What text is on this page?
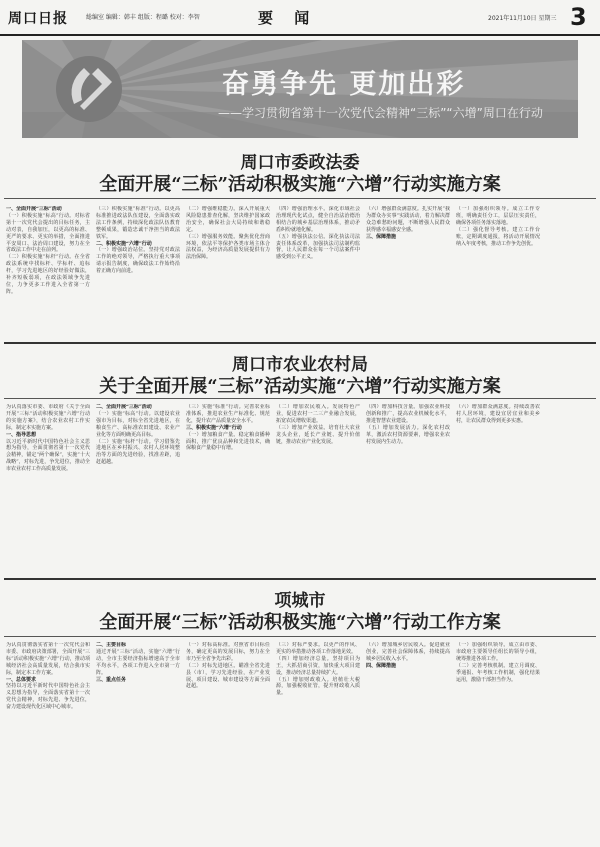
周口日报	総编室 编辑：韩丰 组版：程璐 校对：李智	要 闻	2021年11月10日 星期三 3
奋勇争先 更加出彩
——学习贯彻省第十一次党代会精神“三标”“六增”周口在行动
周口市委政法委
全面开展“三标”活动积极实施“六增”行动实施方案
一、全面开展“三标”活动
（一）积极实施“标高”行动。对标省第十一次党代会提出的目标任务，主动对表，自我加压，以更高的标准、更严的要求、更实的举措，全面推进平安周口、法治周口建设，努力在全省政法工作中走在前列。
（二）积极实施“标杆”行动。在全省政法系统中找标杆、学标杆、追标杆，学习先进地区的好经验好做法，补齐短板弱项，在政法领域争先进位，力争更多工作进入全省第一方阵。
（三）积极实施“标准”行动。以更高标准推进政法队伍建设，全面落实政法工作条例，持续深化政法队伍教育整顿成果，锻造忠诚干净担当的政法铁军。
二、积极实施“六增”行动
（一）增强政治站位。坚持党对政法工作的绝对领导，严格执行重大事项请示报告制度，确保政法工作始终沿着正确方向前进。
（二）增强维稳能力。深入开展重大风险隐患排查化解，坚决维护国家政治安全，确保社会大局持续和谐稳定。
（三）增强服务效能。聚焦优化营商环境，依法平等保护各类市场主体合法权益，为经济高质量发展提供有力法治保障。
（四）增强治理水平。深化市域社会治理现代化试点，健全自治法治德治相结合的城乡基层治理体系，推动矛盾纠纷就地化解。
（五）增强执法公信。深化执法司法责任体系改革，加强执法司法制约监督，让人民群众在每一个司法案件中感受到公平正义。
（六）增强群众满意度。扎实开展“我为群众办实事”实践活动，着力解决群众急难愁盼问题，不断增强人民群众获得感幸福感安全感。
三、保障措施
（一）加强组织领导。成立工作专班，明确责任分工，层层压实责任，确保各项任务落实落地。
（二）强化督导考核。建立工作台账，定期调度通报，将活动开展情况纳入年度考核，推动工作争先创优。
周口市农业农村局
关于全面开展“三标”活动实施“六增”行动实施方案
为认真落实市委、市政府《关于全面开展“三标”活动积极实施“六增”行动的实施方案》，结合农业农村工作实际，制定本实施方案。
一、指导思想
以习近平新时代中国特色社会主义思想为指导，全面贯彻省第十一次党代会精神，锚定“两个确保”，实施“十大战略”，对标先进，争先进位，推动全市农业农村工作高质量发展。
二、全面开展“三标”活动
（一）实施“标高”行动。以建设农业强市为目标，对标全省先进地区，在粮食生产、高标准农田建设、农业产业化等方面明确更高目标。
（二）实施“标杆”行动。学习借鉴先进地区在乡村振兴、农村人居环境整治等方面的先进经验，找准差距，追赶超越。
（三）实施“标准”行动。完善农业标准体系，推进农业生产标准化、规范化，提升农产品质量安全水平。
三、积极实施“六增”行动
（一）增加粮食产量。稳定粮食播种面积，推广优良品种和先进技术，确保粮食产量稳中有增。
（二）增加农民收入。发展特色产业，促进农村一二三产业融合发展，拓宽农民增收渠道。
（三）增加产业效益。培育壮大农业龙头企业，延长产业链、提升价值链，推动农业产业化发展。
（四）增加科技含量。加强农业科技创新和推广，提高农业机械化水平，推进智慧农业建设。
（五）增加发展活力。深化农村改革，激活农村资源要素，增强农业农村发展内生动力。
（六）增加群众满意度。持续改善农村人居环境，建设宜居宜业和美乡村，让农民群众得到更多实惠。
项城市
全面开展“三标”活动积极实施“六增”行动工作方案
为认真贯彻落实省第十一次党代会和市委、市政府决策部署，全面开展“三标”活动积极实施“六增”行动，推动项城经济社会高质量发展，结合我市实际，制定本工作方案。
一、总体要求
坚持以习近平新时代中国特色社会主义思想为指导，全面落实省第十一次党代会精神，对标先进、争先进位，奋力建设现代化区域中心城市。
二、主要目标
通过开展“三标”活动，实施“六增”行动，全市主要经济指标增速高于全市平均水平，各项工作进入全市第一方阵。
三、重点任务
（一）对标高标准。对照省市目标任务，确定更高的发展目标，努力在全市乃至全省争先出彩。
（二）对标先进地区。瞄准全省先进县（市），学习先进经验，在产业发展、项目建设、城市建设等方面全面赶超。
（三）对标严要求。以更严的作风、更实的举措推动各项工作落地见效。
（四）增加经济总量。坚持项目为王，大抓招商引资，加快重大项目建设，推动经济总量持续扩大。
（五）增加财政收入。培植壮大税源，加强税收征管，提升财政收入质量。
（六）增加城乡居民收入。促进就业创业，完善社会保障体系，持续提高城乡居民收入水平。
四、保障措施
（一）加强组织领导。成立由市委、市政府主要领导任组长的领导小组，统筹推进各项工作。
（二）完善考核机制。建立月调度、季通报、年考核工作机制，强化结果运用，激励干部担当作为。
